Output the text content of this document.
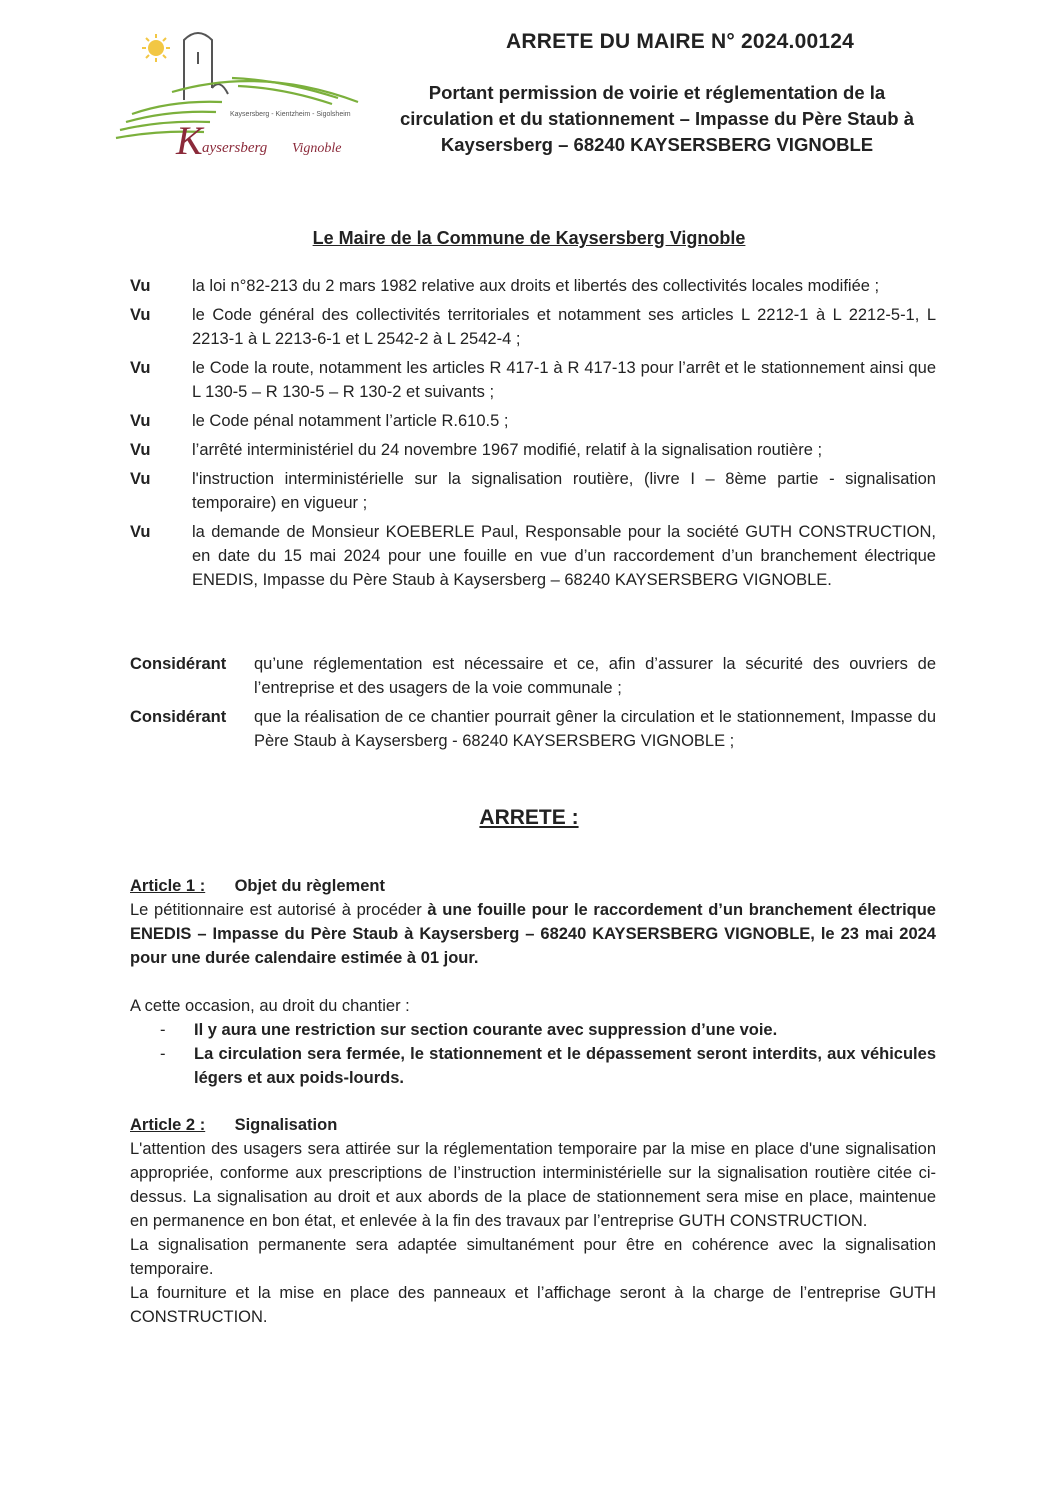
Kaysersberg - Kientzheim - Sigolsheim
K aysersberg Vignoble
ARRETE DU MAIRE N° 2024.00124

Portant permission de voirie et réglementation de la circulation et du stationnement – Impasse du Père Staub à Kaysersberg – 68240 KAYSERSBERG VIGNOBLE

Le Maire de la Commune de Kaysersberg Vignoble
Vu	la loi n°82-213 du 2 mars 1982 relative aux droits et libertés des collectivités locales modifiée ;
Vu	le Code général des collectivités territoriales et notamment ses articles L 2212-1 à L 2212-5-1, L 2213-1 à L 2213-6-1 et L 2542-2 à L 2542-4 ;
Vu	le Code la route, notamment les articles R 417-1 à R 417-13 pour l’arrêt et le stationnement ainsi que L 130-5 – R 130-5 – R 130-2 et suivants ;
Vu	le Code pénal notamment l’article R.610.5 ;
Vu	l’arrêté interministériel du 24 novembre 1967 modifié, relatif à la signalisation routière ;
Vu	l'instruction interministérielle sur la signalisation routière, (livre I – 8ème partie - signalisation temporaire) en vigueur ;
Vu	la demande de Monsieur KOEBERLE Paul, Responsable pour la société GUTH CONSTRUCTION, en date du 15 mai 2024 pour une fouille en vue d’un raccordement d’un branchement électrique ENEDIS, Impasse du Père Staub à Kaysersberg – 68240 KAYSERSBERG VIGNOBLE.
Considérant	qu’une réglementation est nécessaire et ce, afin d’assurer la sécurité des ouvriers de l’entreprise et des usagers de la voie communale ;
Considérant	que la réalisation de ce chantier pourrait gêner la circulation et le stationnement, Impasse du Père Staub à Kaysersberg - 68240 KAYSERSBERG VIGNOBLE ;
ARRETE :
Article 1 : Objet du règlement

Le pétitionnaire est autorisé à procéder à une fouille pour le raccordement d’un branchement électrique ENEDIS – Impasse du Père Staub à Kaysersberg – 68240 KAYSERSBERG VIGNOBLE, le 23 mai 2024 pour une durée calendaire estimée à 01 jour.

A cette occasion, au droit du chantier :

-	Il y aura une restriction sur section courante avec suppression d’une voie.
-	La circulation sera fermée, le stationnement et le dépassement seront interdits, aux véhicules légers et aux poids-lourds.
Article 2 : Signalisation

L'attention des usagers sera attirée sur la réglementation temporaire par la mise en place d'une signalisation appropriée, conforme aux prescriptions de l’instruction interministérielle sur la signalisation routière citée ci-dessus. La signalisation au droit et aux abords de la place de stationnement sera mise en place, maintenue en permanence en bon état, et enlevée à la fin des travaux par l’entreprise GUTH CONSTRUCTION.

La signalisation permanente sera adaptée simultanément pour être en cohérence avec la signalisation temporaire.

La fourniture et la mise en place des panneaux et l’affichage seront à la charge de l’entreprise GUTH CONSTRUCTION.
